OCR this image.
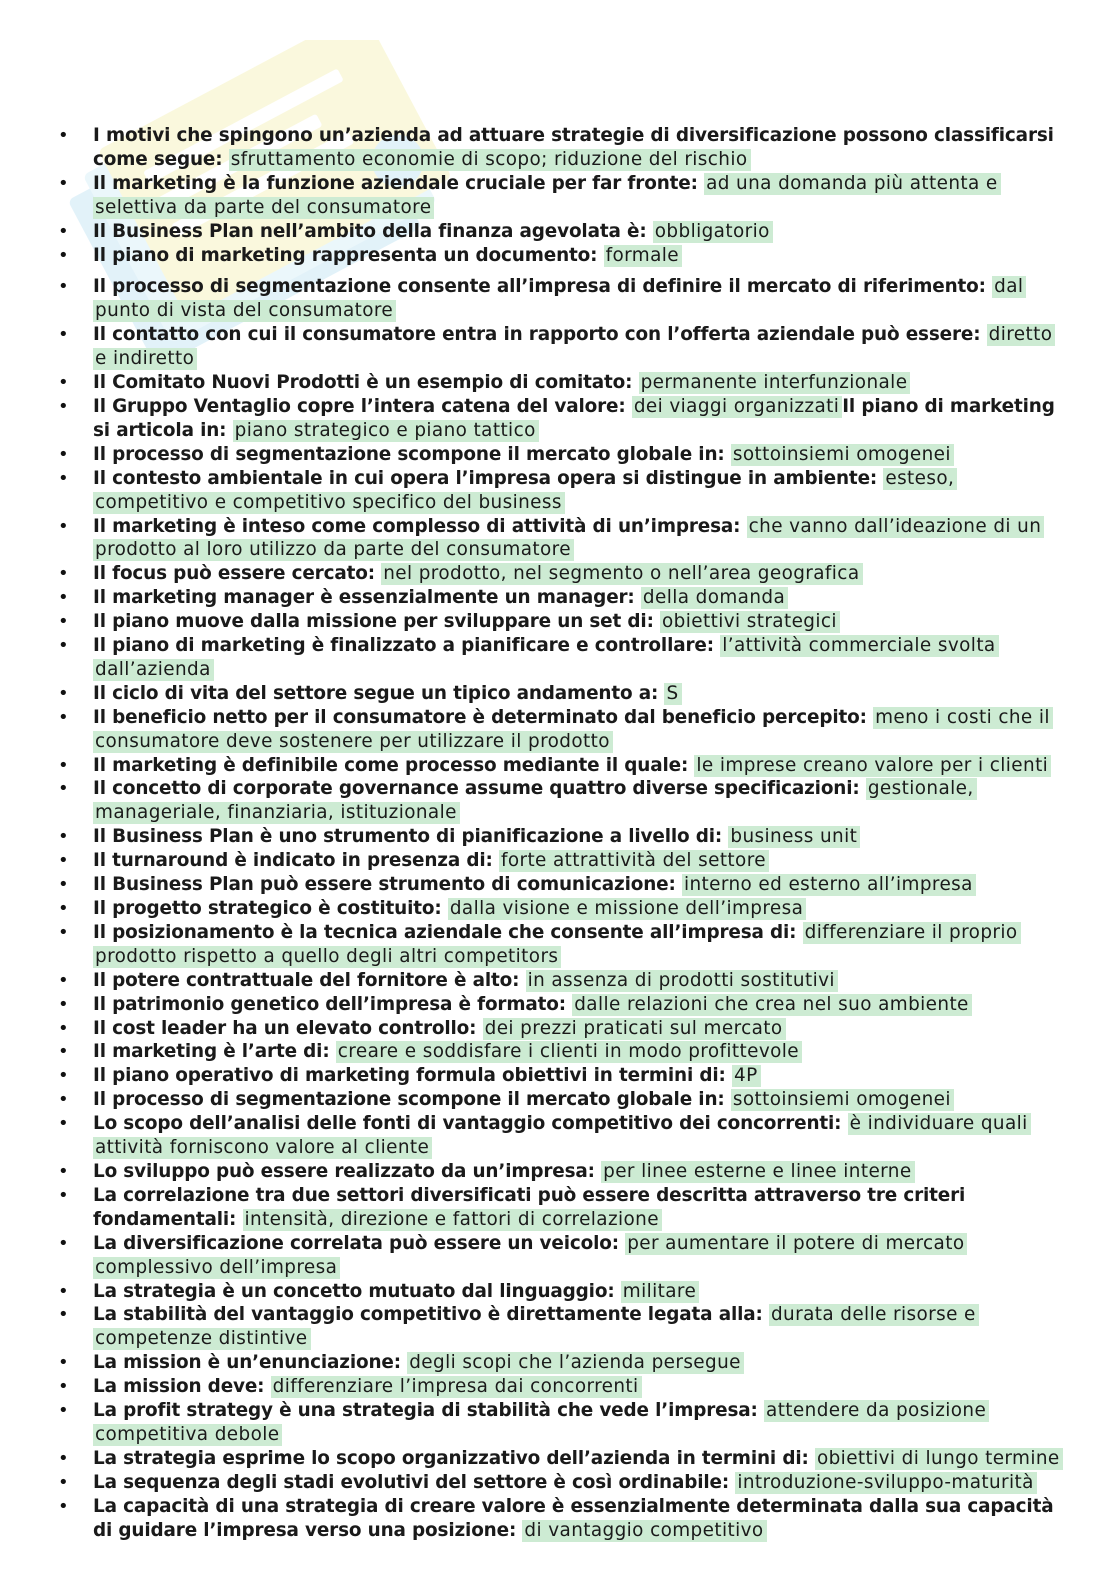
• I motivi che spingono un’azienda ad attuare strategie di diversificazione possono classificarsi come segue: sfruttamento economie di scopo; riduzione del rischio
• Il marketing è la funzione aziendale cruciale per far fronte: ad una domanda più attenta e selettiva da parte del consumatore
• Il Business Plan nell’ambito della finanza agevolata è: obbligatorio
• Il piano di marketing rappresenta un documento: formale
• Il processo di segmentazione consente all’impresa di definire il mercato di riferimento: dal punto di vista del consumatore
• Il contatto con cui il consumatore entra in rapporto con l’offerta aziendale può essere: diretto e indiretto
• Il Comitato Nuovi Prodotti è un esempio di comitato: permanente interfunzionale
• Il Gruppo Ventaglio copre l’intera catena del valore: dei viaggi organizzati Il piano di marketing si articola in: piano strategico e piano tattico
• Il processo di segmentazione scompone il mercato globale in: sottoinsiemi omogenei
• Il contesto ambientale in cui opera l’impresa opera si distingue in ambiente: esteso, competitivo e competitivo specifico del business
• Il marketing è inteso come complesso di attività di un’impresa: che vanno dall’ideazione di un prodotto al loro utilizzo da parte del consumatore
• Il focus può essere cercato: nel prodotto, nel segmento o nell’area geografica
• Il marketing manager è essenzialmente un manager: della domanda
• Il piano muove dalla missione per sviluppare un set di: obiettivi strategici
• Il piano di marketing è finalizzato a pianificare e controllare: l’attività commerciale svolta dall’azienda
• Il ciclo di vita del settore segue un tipico andamento a: S
• Il beneficio netto per il consumatore è determinato dal beneficio percepito: meno i costi che il consumatore deve sostenere per utilizzare il prodotto
• Il marketing è definibile come processo mediante il quale: le imprese creano valore per i clienti
• Il concetto di corporate governance assume quattro diverse specificazioni: gestionale, manageriale, finanziaria, istituzionale
• Il Business Plan è uno strumento di pianificazione a livello di: business unit
• Il turnaround è indicato in presenza di: forte attrattività del settore
• Il Business Plan può essere strumento di comunicazione: interno ed esterno all’impresa
• Il progetto strategico è costituito: dalla visione e missione dell’impresa
• Il posizionamento è la tecnica aziendale che consente all’impresa di: differenziare il proprio prodotto rispetto a quello degli altri competitors
• Il potere contrattuale del fornitore è alto: in assenza di prodotti sostitutivi
• Il patrimonio genetico dell’impresa è formato: dalle relazioni che crea nel suo ambiente
• Il cost leader ha un elevato controllo: dei prezzi praticati sul mercato
• Il marketing è l’arte di: creare e soddisfare i clienti in modo profittevole
• Il piano operativo di marketing formula obiettivi in termini di: 4P
• Il processo di segmentazione scompone il mercato globale in: sottoinsiemi omogenei
• Lo scopo dell’analisi delle fonti di vantaggio competitivo dei concorrenti: è individuare quali attività forniscono valore al cliente
• Lo sviluppo può essere realizzato da un’impresa: per linee esterne e linee interne
• La correlazione tra due settori diversificati può essere descritta attraverso tre criteri fondamentali: intensità, direzione e fattori di correlazione
• La diversificazione correlata può essere un veicolo: per aumentare il potere di mercato complessivo dell’impresa
• La strategia è un concetto mutuato dal linguaggio: militare
• La stabilità del vantaggio competitivo è direttamente legata alla: durata delle risorse e competenze distintive
• La mission è un’enunciazione: degli scopi che l’azienda persegue
• La mission deve: differenziare l’impresa dai concorrenti
• La profit strategy è una strategia di stabilità che vede l’impresa: attendere da posizione competitiva debole
• La strategia esprime lo scopo organizzativo dell’azienda in termini di: obiettivi di lungo termine
• La sequenza degli stadi evolutivi del settore è così ordinabile: introduzione-sviluppo-maturità
• La capacità di una strategia di creare valore è essenzialmente determinata dalla sua capacità di guidare l’impresa verso una posizione: di vantaggio competitivo
